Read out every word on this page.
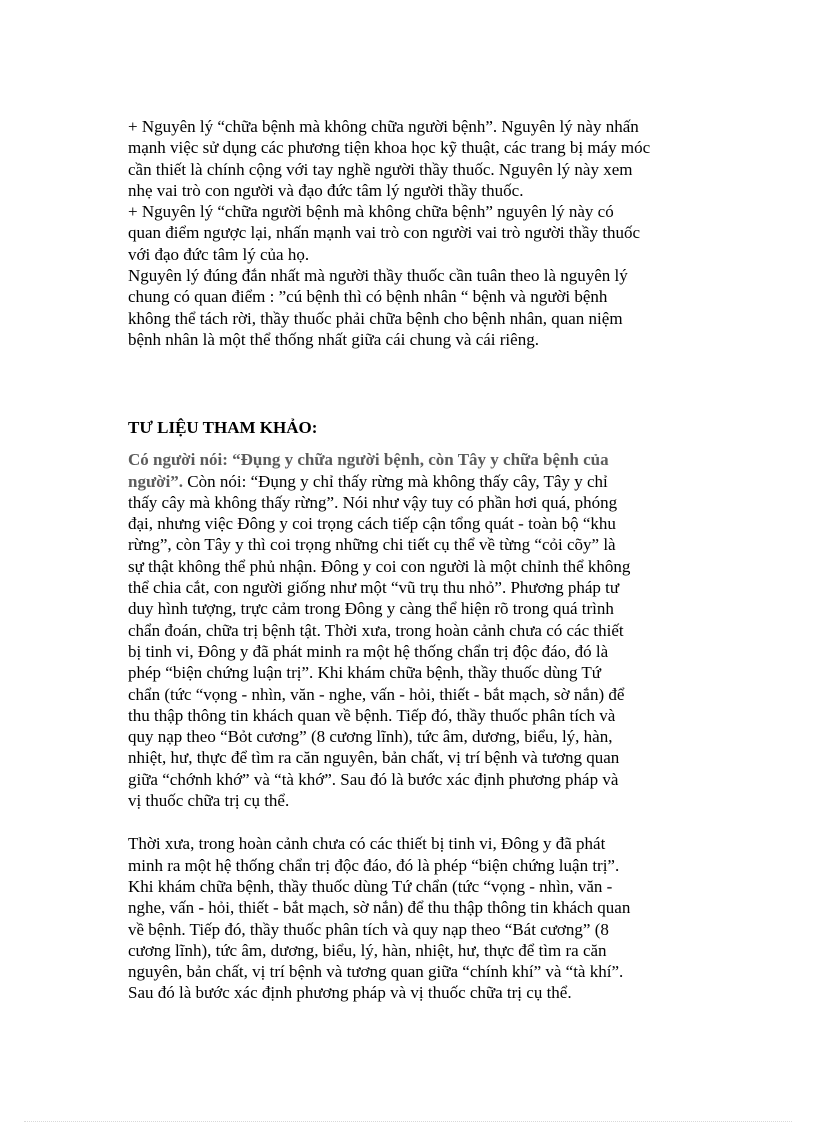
+ Nguyên lý “chữa bệnh mà không chữa người bệnh”. Nguyên lý này nhấn
mạnh việc sử dụng các phương tiện khoa học kỹ thuật, các trang bị máy móc
cần thiết là chính cộng với tay nghề người thầy thuốc. Nguyên lý này xem
nhẹ vai trò con người và đạo đức tâm lý người thầy thuốc.
+ Nguyên lý “chữa người bệnh mà không chữa bệnh” nguyên lý này có
quan điểm ngược lại, nhấn mạnh vai trò con người vai trò người thầy thuốc
với đạo đức tâm lý của họ.
Nguyên lý đúng đắn nhất mà người thầy thuốc cần tuân theo là nguyên lý
chung có quan điểm : ”cú bệnh thì có bệnh nhân “ bệnh và người bệnh
không thể tách rời, thầy thuốc phải chữa bệnh cho bệnh nhân, quan niệm
bệnh nhân là một thể thống nhất giữa cái chung và cái riêng.
TƯ LIỆU THAM KHẢO:
Có người nói: “Đụng y chữa người bệnh, còn Tây y chữa bệnh của
người”. Còn nói: “Đụng y chỉ thấy rừng mà không thấy cây, Tây y chỉ
thấy cây mà không thấy rừng”. Nói như vậy tuy có phần hơi quá, phóng
đại, nhưng việc Đông y coi trọng cách tiếp cận tổng quát - toàn bộ “khu
rừng”, còn Tây y thì coi trọng những chi tiết cụ thể về từng “cỏi cõy” là
sự thật không thể phủ nhận. Đông y coi con người là một chỉnh thể không
thể chia cắt, con người giống như một “vũ trụ thu nhỏ”. Phương pháp tư
duy hình tượng, trực cảm trong Đông y càng thể hiện rõ trong quá trình
chẩn đoán, chữa trị bệnh tật. Thời xưa, trong hoàn cảnh chưa có các thiết
bị tinh vi, Đông y đã phát minh ra một hệ thống chẩn trị độc đáo, đó là
phép “biện chứng luận trị”. Khi khám chữa bệnh, thầy thuốc dùng Tứ
chẩn (tức “vọng - nhìn, văn - nghe, vấn - hỏi, thiết - bắt mạch, sờ nắn) để
thu thập thông tin khách quan về bệnh. Tiếp đó, thầy thuốc phân tích và
quy nạp theo “Bỏt cương” (8 cương lĩnh), tức âm, dương, biểu, lý, hàn,
nhiệt, hư, thực để tìm ra căn nguyên, bản chất, vị trí bệnh và tương quan
giữa “chớnh khớ” và “tà khớ”. Sau đó là bước xác định phương pháp và
vị thuốc chữa trị cụ thể.
Thời xưa, trong hoàn cảnh chưa có các thiết bị tinh vi, Đông y đã phát
minh ra một hệ thống chẩn trị độc đáo, đó là phép “biện chứng luận trị”.
Khi khám chữa bệnh, thầy thuốc dùng Tứ chẩn (tức “vọng - nhìn, văn -
nghe, vấn - hỏi, thiết - bắt mạch, sờ nắn) để thu thập thông tin khách quan
về bệnh. Tiếp đó, thầy thuốc phân tích và quy nạp theo “Bát cương” (8
cương lĩnh), tức âm, dương, biểu, lý, hàn, nhiệt, hư, thực để tìm ra căn
nguyên, bản chất, vị trí bệnh và tương quan giữa “chính khí” và “tà khí”.
Sau đó là bước xác định phương pháp và vị thuốc chữa trị cụ thể.
